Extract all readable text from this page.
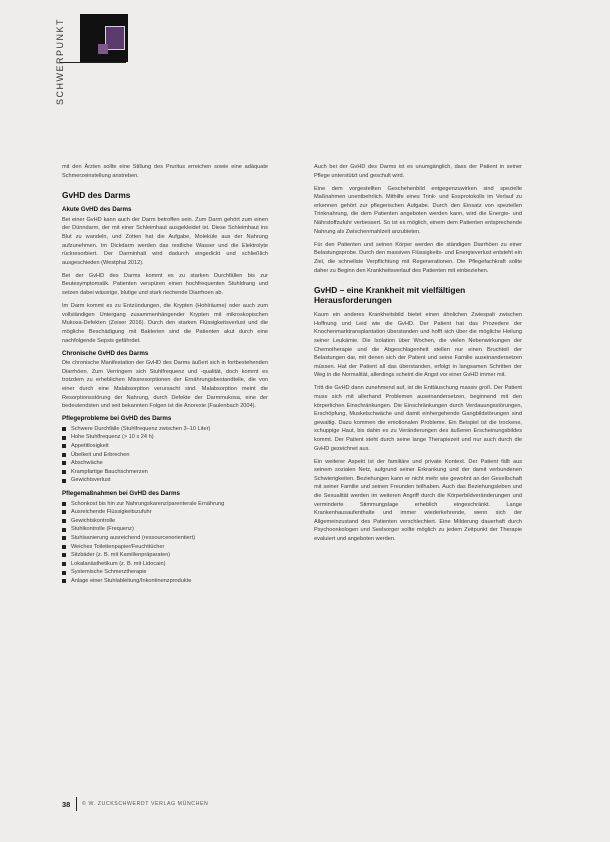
SCHWERPUNKT

mit den Ärzten sollte eine Stillung des Pruritus erreichen sowie eine adäquate Schmerzeinstellung anstreben.

GvHD des Darms
Akute GvHD des Darms

Bei einer GvHD kann auch der Darm betroffen sein. Zum Darm gehört zum einen der Dünndarm, der mit einer Schleimhaut ausgekleidet ist. Diese Schleimhaut ins Blut zu wandeln, und Zotten hat die Aufgabe, Moleküle aus der Nahrung aufzunehmen. Im Dickdarm werden das restliche Wasser und die Elektrolyte rückresorbiert. Der Darminhalt wird dadurch eingedickt und schließlich ausgeschieden (Westphal 2012).

Bei der GvHD des Darms kommt es zu starken Durchfällen bis zur Beutesymptomatik. Patienten verspüren einen hochfrequenten Stuhldrang und setzen dabei wässrige, blutige und stark riechende Diarrhoen ab.

Im Darm kommt es zu Entzündungen, die Krypten (Hohlräume) oder auch zum vollständigen Untergang zusammenhängender Krypten mit mikroskopischen Mukosa-Defekten (Zeiser 2016). Durch den starken Flüssigkeitsverlust und die mögliche Beschädigung mit Bakterien sind die Patienten akut durch eine nachfolgende Sepsis gefährdet.

Chronische GvHD des Darms

Die chronische Manifestation der GvHD des Darms äußert sich in fortbestehenden Diarrhöen. Zum Verringern sich Stuhlfrequenz und -qualität, doch kommt es trotzdem zu erheblichen Missresorptionen der Ernährungsbestandteile, die von einer durch eine Malabsorption verursacht sind. Malabsorption meint die Resorptionsstörung der Nahrung, durch Defekte der Darmmukosa, eine der bedeutendsten und seit bekannten Folgen ist die Anorexie (Faulenbach 2004).

Pflegeprobleme bei GvHD des Darms
Schwere Durchfälle (Stuhlfrequenz zwischen 3–10 Liter)
Hohe Stuhlfrequenz (> 10 x 24 h)
Appetitlosigkeit
Übelkeit und Erbrechen
Abschwäche
Krampfartige Bauchschmerzen
Gewichtsverlust
Pflegemaßnahmen bei GvHD des Darms
Schonkost bis hin zur Nahrungskarenz/parenterale Ernährung
Ausreichende Flüssigkeitszufuhr
Gewichtskontrolle
Stuhlkontrolle (Frequenz)
Stuhlsanierung ausreichend (ressourcenorientiert)
Weiches Toilettenpapier/Feuchttücher
Sitzbäder (z. B. mit Kamillenpräparaten)
Lokalanästhetikum (z. B. mit Lidocain)
Systemische Schmerztherapie
Anlage einer Stuhlableitung/Inkontinenzprodukte

Auch bei der GvHD des Darms ist es unumgänglich, dass der Patient in seiner Pflege unterstützt und geschult wird.

Eine dem vorgestellten Geschehenbild entgegenzuwirken sind spezielle Maßnahmen unentbehrlich. Mithilfe eines Trink- und Essprotokolls im Verlauf zu erkennen gehört zur pflegerischen Aufgabe. Durch den Einsatz von speziellen Trinknahrung, die dem Patienten angeboten werden kann, wird die Energie- und Nährstoffzufuhr verbessert. So ist es möglich, einem dem Patienten entsprechende Nahrung als Zwischenmahlzeit anzubieten.

Für den Patienten und seinen Körper werden die ständigen Diarrhöen zu einer Belastungsprobe. Durch den massiven Flüssigkeits- und Energieverlust entsteht ein Ziel, die schnellste Verpflichtung mit Regenerationen. Die Pflegefachkraft sollte daher zu Beginn den Krankheitsverlauf des Patienten mit einbeziehen.

GvHD – eine Krankheit mit vielfältigen Herausforderungen

Kaum ein anderes Krankheitsbild bietet einen ähnlichen Zwiespalt zwischen Hoffnung und Leid wie die GvHD. Der Patient hat das Prozedere der Knochenmarktransplantation überstanden und hofft sich über die mögliche Heilung seiner Leukämie. Die Isolation über Wochen, die vielen Nebenwirkungen der Chemotherapie und die Abgeschlagenheit stellen nur einen Bruchteil der Belastungen dar, mit denen sich der Patient und seine Familie auseinandersetzen müssen. Hat der Patient all das überstanden, erfolgt in langsamen Schritten der Weg in die Normalität, allerdings scheint die Angst vor einer GvHD immer mit.

Tritt die GvHD dann zunehmend auf, ist die Enttäuschung massiv groß. Der Patient muss sich mit allerhand Problemen auseinandersetzen, beginnend mit den körperlichen Einschränkungen. Die Einschränkungen durch Verdauungsstörungen, Erschöpfung, Muskelschwäche und damit einhergehende Gangbildstörungen sind gewaltig. Dazu kommen die emotionalen Probleme. Ein Beispiel ist die trockene, schuppige Haut, bis dahin es zu Veränderungen des äußeren Erscheinungsbildes kommt. Der Patient steht durch seine lange Therapiezeit und nur auch durch die GvHD gezeichnet aus.

Ein weiterer Aspekt ist der familiäre und private Kontext. Der Patient fällt aus seinem sozialen Netz, aufgrund seiner Erkrankung und der damit verbundenen Schwierigkeiten. Beziehungen kann er nicht mehr wie gewohnt an der Gesellschaft mit seiner Familie und seinen Freunden teilhaben. Auch das Beziehungsleben und die Sexualität werden im weiteren Angriff durch die Körperbildveränderungen und verminderte Stimmungslage erheblich eingeschränkt. Lange Krankenhausaufenthalte und immer wiederkehrende, wenn sich der Allgemeinzustand des Patienten verschlechtert. Eine Milderung dauerhaft durch Psychoonkologen und Seelsorger sollte möglich zu jedem Zeitpunkt der Therapie evaluiert und angeboten werden.

38 © W. ZUCKSCHWERDT VERLAG MÜNCHEN
